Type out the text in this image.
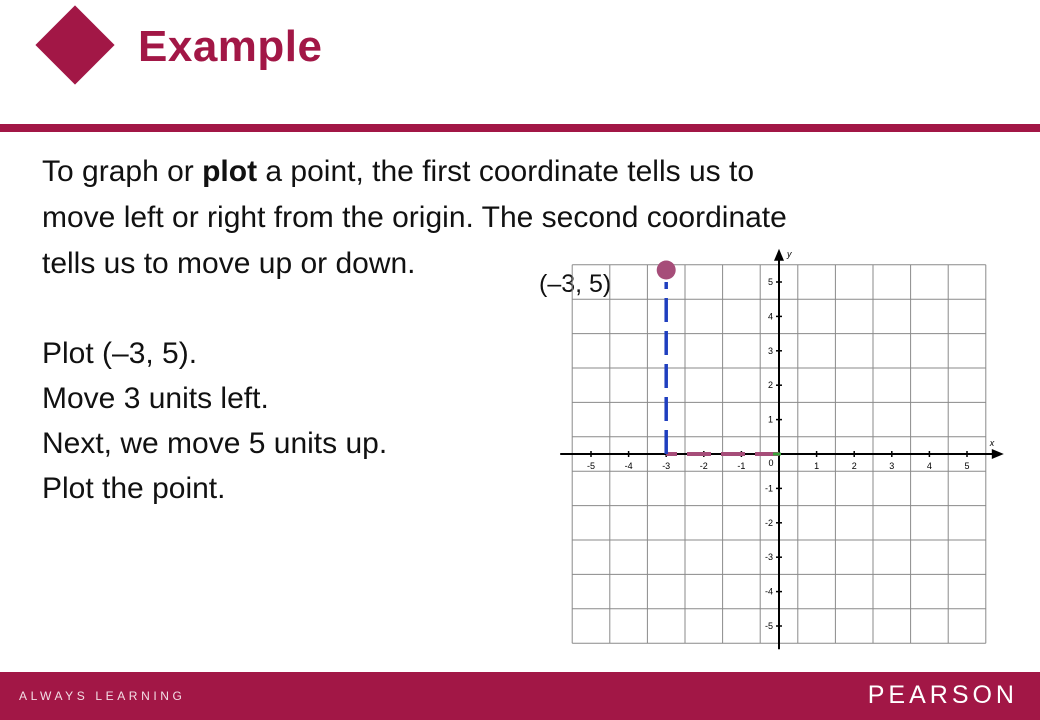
Example
To graph or plot a point, the first coordinate tells us to
move left or right from the origin. The second coordinate
tells us to move up or down.
Plot (–3, 5).
Move 3 units left.
Next, we move 5 units up.
Plot the point.
(–3, 5)
x
y
-5	-4	-3	-2	-1	1	2	3	4	5
5
4
3
2
1
-1
-2
-3
-4
-5
0
ALWAYS LEARNING	PEARSON
